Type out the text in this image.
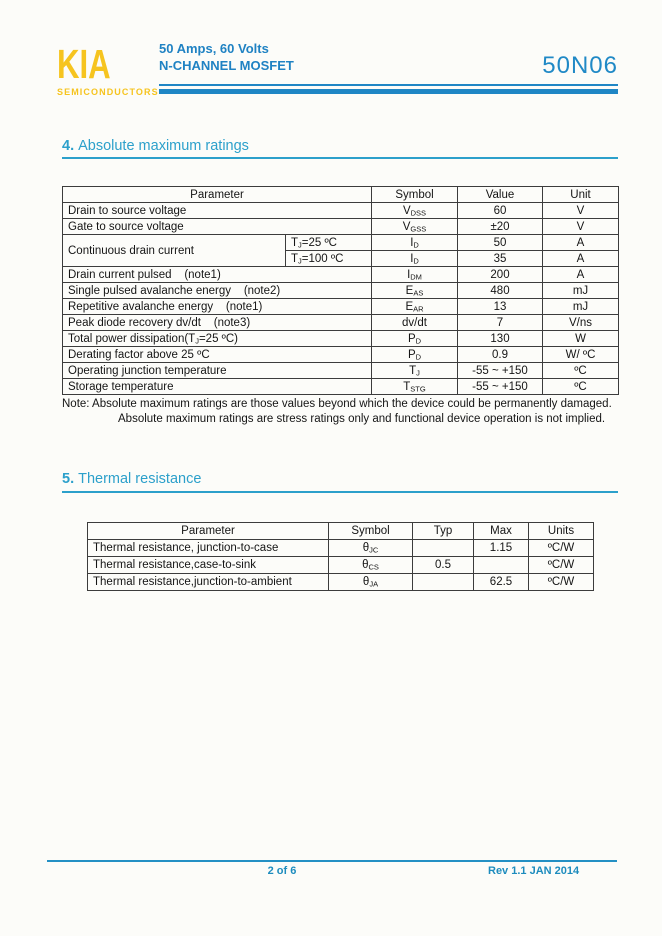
KIA
SEMICONDUCTORS
50 Amps, 60 Volts
N-CHANNEL MOSFET	50N06
4. Absolute maximum ratings
Parameter		Symbol	Value	Unit
Drain to source voltage		$V_{DSS}$	60	V
Gate to source voltage		$V_{GSS}$	±20	V
Continuous drain current	$T_J=25$ ºC	$I_D$	50	A
	$T_J=100$ ºC	$I_D$	35	A
Drain current pulsed    (note1)		$I_{DM}$	200	A
Single pulsed avalanche energy    (note2)		$E_{AS}$	480	mJ
Repetitive avalanche energy    (note1)		$E_{AR}$	13	mJ
Peak diode recovery dv/dt    (note3)		dv/dt	7	V/ns
Total power $dissipation(T_J=25$ ºC)		$P_D$	130	W
Derating factor above 25 ºC		$P_D$	0.9	W/ ºC
Operating junction temperature		$T_J$	-55 ~ +150	ºC
Storage temperature		$T_{STG}$	-55 ~ +150	ºC

Note: Absolute maximum ratings are those values beyond which the device could be permanently damaged.

Absolute maximum ratings are stress ratings only and functional device operation is not implied.

5. Thermal resistance
Parameter	Symbol	Typ	Max	Units
Thermal resistance, junction-to-case	$\theta_{JC}$		1.15	ºC/W
Thermal resistance,case-to-sink	$\theta_{CS}$	0.5		ºC/W
Thermal resistance,junction-to-ambient	$\theta_{JA}$		62.5	ºC/W
2 of 6	Rev 1.1 JAN 2014
